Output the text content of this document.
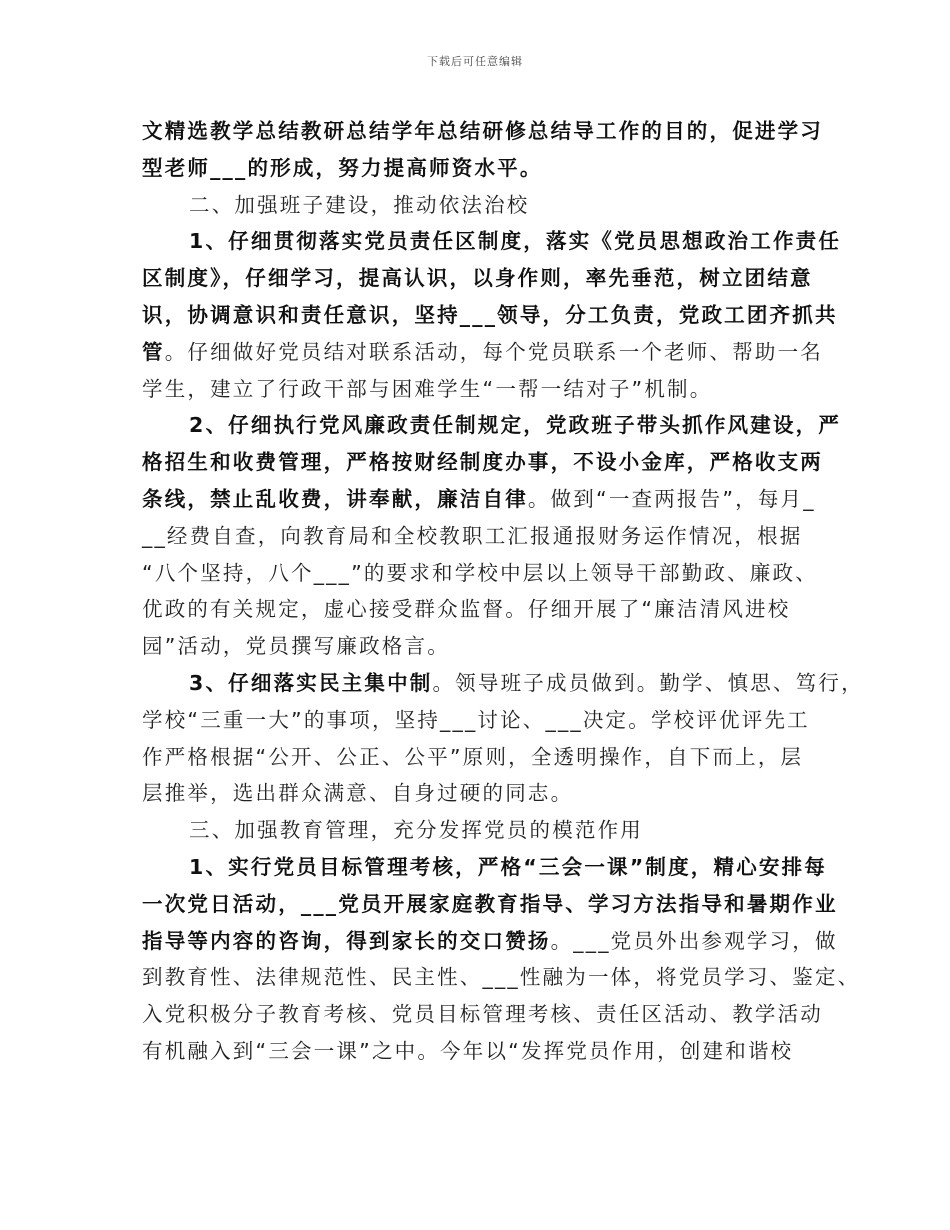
下载后可任意编辑
文精选教学总结教研总结学年总结研修总结导工作的目的，促进学习
型老师___的形成，努力提高师资水平。
二、加强班子建设，推动依法治校
1、仔细贯彻落实党员责任区制度，落实《党员思想政治工作责任
区制度》，仔细学习，提高认识，以身作则，率先垂范，树立团结意
识，协调意识和责任意识，坚持___领导，分工负责，党政工团齐抓共
管。仔细做好党员结对联系活动，每个党员联系一个老师、帮助一名
学生，建立了行政干部与困难学生“一帮一结对子”机制。
2、仔细执行党风廉政责任制规定，党政班子带头抓作风建设，严
格招生和收费管理，严格按财经制度办事，不设小金库，严格收支两
条线，禁止乱收费，讲奉献，廉洁自律。做到“一查两报告”，每月_
__经费自查，向教育局和全校教职工汇报通报财务运作情况，根据
“八个坚持，八个___”的要求和学校中层以上领导干部勤政、廉政、
优政的有关规定，虚心接受群众监督。仔细开展了“廉洁清风进校
园”活动，党员撰写廉政格言。
3、仔细落实民主集中制。领导班子成员做到。勤学、慎思、笃行，
学校“三重一大”的事项，坚持___讨论、___决定。学校评优评先工
作严格根据“公开、公正、公平”原则，全透明操作，自下而上，层
层推举，选出群众满意、自身过硬的同志。
三、加强教育管理，充分发挥党员的模范作用
1、实行党员目标管理考核，严格“三会一课”制度，精心安排每
一次党日活动，___党员开展家庭教育指导、学习方法指导和暑期作业
指导等内容的咨询，得到家长的交口赞扬。___党员外出参观学习，做
到教育性、法律规范性、民主性、___性融为一体，将党员学习、鉴定、
入党积极分子教育考核、党员目标管理考核、责任区活动、教学活动
有机融入到“三会一课”之中。今年以“发挥党员作用，创建和谐校
